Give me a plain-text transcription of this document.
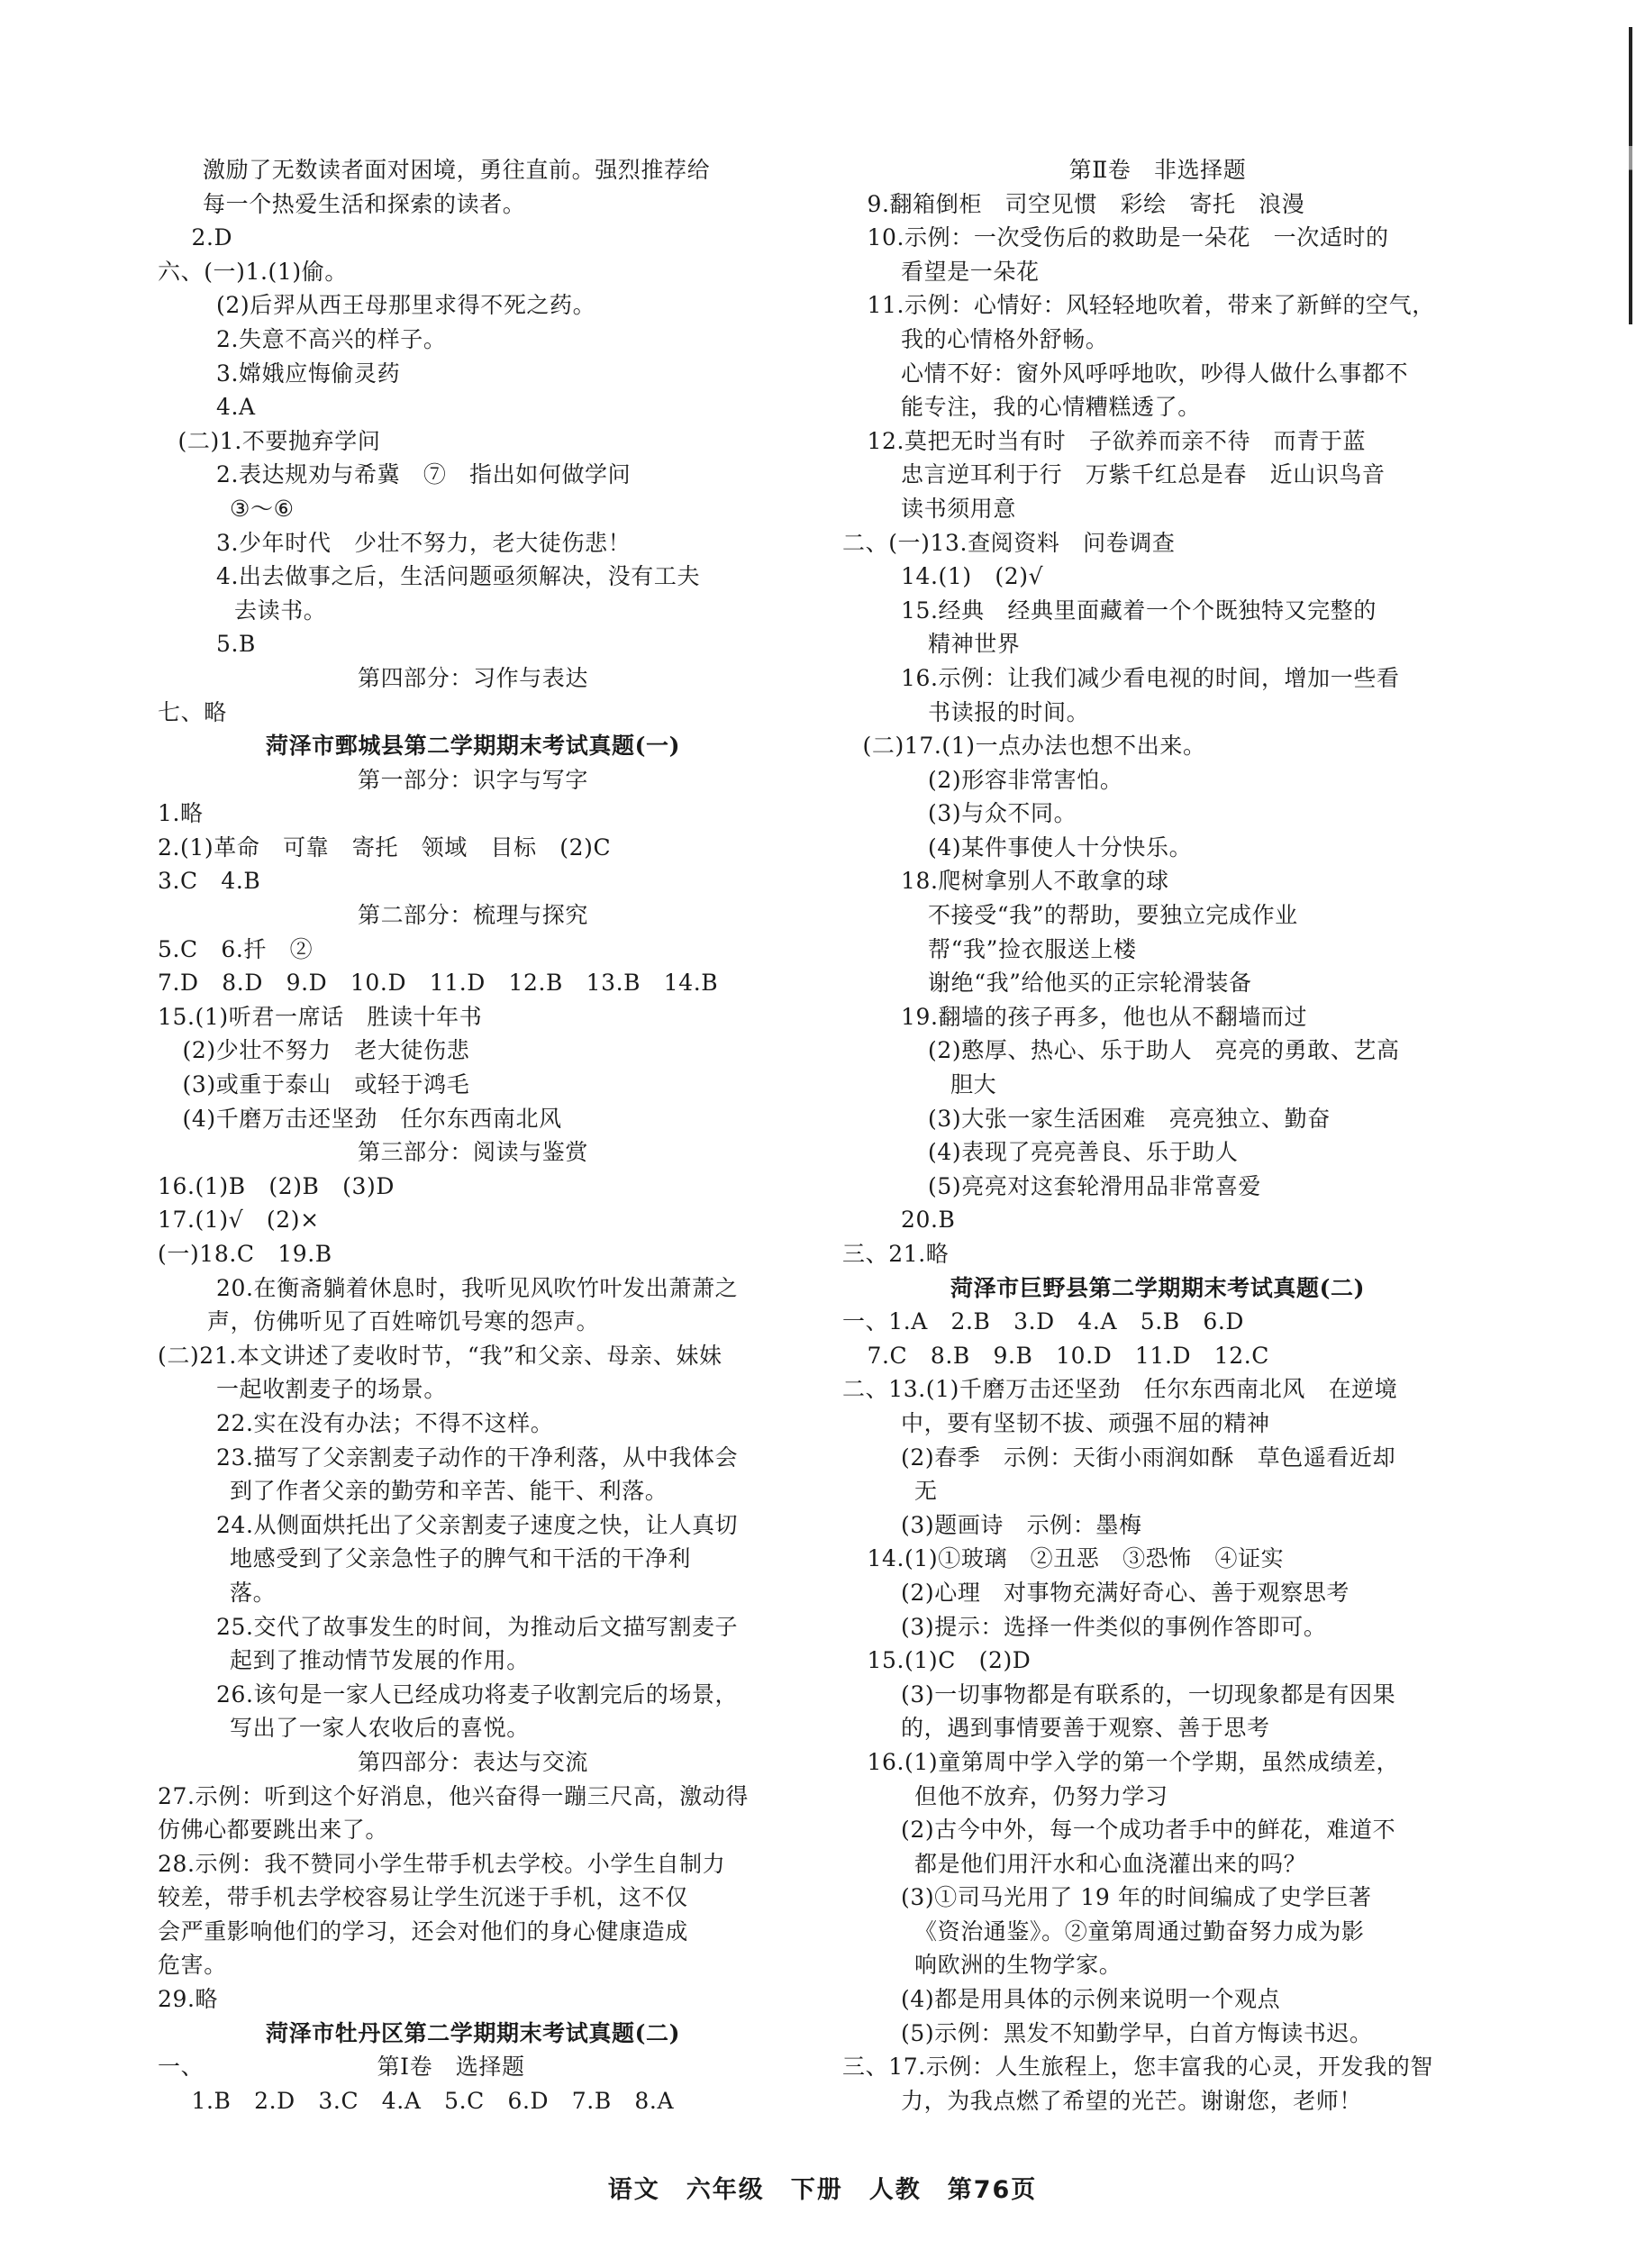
激励了无数读者面对困境，勇往直前。强烈推荐给
每一个热爱生活和探索的读者。
2.D
六、(一)1.(1)偷。
(2)后羿从西王母那里求得不死之药。
2.失意不高兴的样子。
3.嫦娥应悔偷灵药
4.A
(二)1.不要抛弃学问
2.表达规劝与希冀　⑦　指出如何做学问
③～⑥
3.少年时代　少壮不努力，老大徒伤悲！
4.出去做事之后，生活问题亟须解决，没有工夫
去读书。
5.B
第四部分：习作与表达
七、略
菏泽市鄄城县第二学期期末考试真题(一)
第一部分：识字与写字
1.略
2.(1)革命　可靠　寄托　领域　目标　(2)C
3.C　4.B
第二部分：梳理与探究
5.C　6.扦　②
7.D　8.D　9.D　10.D　11.D　12.B　13.B　14.B
15.(1)听君一席话　胜读十年书
(2)少壮不努力　老大徒伤悲
(3)或重于泰山　或轻于鸿毛
(4)千磨万击还坚劲　任尔东西南北风
第三部分：阅读与鉴赏
16.(1)B　(2)B　(3)D
17.(1)√　(2)×
(一)18.C　19.B
20.在衡斋躺着休息时，我听见风吹竹叶发出萧萧之
声，仿佛听见了百姓啼饥号寒的怨声。
(二)21.本文讲述了麦收时节，“我”和父亲、母亲、妹妹
一起收割麦子的场景。
22.实在没有办法；不得不这样。
23.描写了父亲割麦子动作的干净利落，从中我体会
到了作者父亲的勤劳和辛苦、能干、利落。
24.从侧面烘托出了父亲割麦子速度之快，让人真切
地感受到了父亲急性子的脾气和干活的干净利
落。
25.交代了故事发生的时间，为推动后文描写割麦子
起到了推动情节发展的作用。
26.该句是一家人已经成功将麦子收割完后的场景，
写出了一家人农收后的喜悦。
第四部分：表达与交流
27.示例：听到这个好消息，他兴奋得一蹦三尺高，激动得
仿佛心都要跳出来了。
28.示例：我不赞同小学生带手机去学校。小学生自制力
较差，带手机去学校容易让学生沉迷于手机，这不仅
会严重影响他们的学习，还会对他们的身心健康造成
危害。
29.略
菏泽市牡丹区第二学期期末考试真题(二)
一、　　　　　　　　第Ⅰ卷　选择题
1.B　2.D　3.C　4.A　5.C　6.D　7.B　8.A
第Ⅱ卷　非选择题
9.翻箱倒柜　司空见惯　彩绘　寄托　浪漫
10.示例：一次受伤后的救助是一朵花　一次适时的
看望是一朵花
11.示例：心情好：风轻轻地吹着，带来了新鲜的空气，
我的心情格外舒畅。
心情不好：窗外风呼呼地吹，吵得人做什么事都不
能专注，我的心情糟糕透了。
12.莫把无时当有时　子欲养而亲不待　而青于蓝
忠言逆耳利于行　万紫千红总是春　近山识鸟音
读书须用意
二、(一)13.查阅资料　问卷调查
14.(1)　(2)√
15.经典　经典里面藏着一个个既独特又完整的
精神世界
16.示例：让我们减少看电视的时间，增加一些看
书读报的时间。
(二)17.(1)一点办法也想不出来。
(2)形容非常害怕。
(3)与众不同。
(4)某件事使人十分快乐。
18.爬树拿别人不敢拿的球
不接受“我”的帮助，要独立完成作业
帮“我”捡衣服送上楼
谢绝“我”给他买的正宗轮滑装备
19.翻墙的孩子再多，他也从不翻墙而过
(2)憨厚、热心、乐于助人　亮亮的勇敢、艺高
胆大
(3)大张一家生活困难　亮亮独立、勤奋
(4)表现了亮亮善良、乐于助人
(5)亮亮对这套轮滑用品非常喜爱
20.B
三、21.略
菏泽市巨野县第二学期期末考试真题(二)
一、1.A　2.B　3.D　4.A　5.B　6.D
7.C　8.B　9.B　10.D　11.D　12.C
二、13.(1)千磨万击还坚劲　任尔东西南北风　在逆境
中，要有坚韧不拔、顽强不屈的精神
(2)春季　示例：天街小雨润如酥　草色遥看近却
无
(3)题画诗　示例：墨梅
14.(1)①玻璃　②丑恶　③恐怖　④证实
(2)心理　对事物充满好奇心、善于观察思考
(3)提示：选择一件类似的事例作答即可。
15.(1)C　(2)D
(3)一切事物都是有联系的，一切现象都是有因果
的，遇到事情要善于观察、善于思考
16.(1)童第周中学入学的第一个学期，虽然成绩差，
但他不放弃，仍努力学习
(2)古今中外，每一个成功者手中的鲜花，难道不
都是他们用汗水和心血浇灌出来的吗？
(3)①司马光用了 19 年的时间编成了史学巨著
《资治通鉴》。②童第周通过勤奋努力成为影
响欧洲的生物学家。
(4)都是用具体的示例来说明一个观点
(5)示例：黑发不知勤学早，白首方悔读书迟。
三、17.示例：人生旅程上，您丰富我的心灵，开发我的智
力，为我点燃了希望的光芒。谢谢您，老师！
语文　六年级　下册　人教　第76页
